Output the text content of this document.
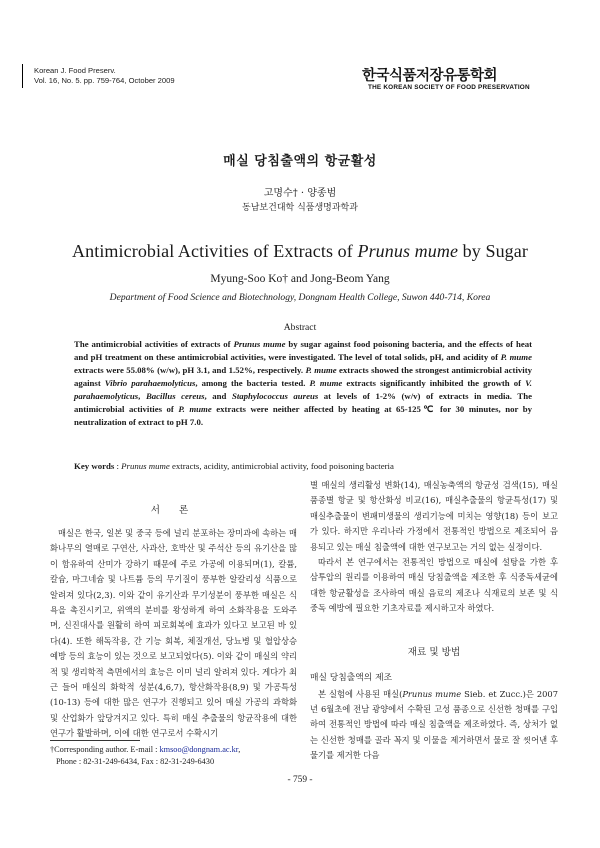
Korean J. Food Preserv.
Vol. 16, No. 5. pp. 759-764, October 2009	한국식품저장유통학회
THE KOREAN SOCIETY OF FOOD PRESERVATION
매실 당침출액의 항균활성
고명수† · 양종범
동남보건대학 식품생명과학과
Antimicrobial Activities of Extracts of Prunus mume by Sugar
Myung-Soo Ko† and Jong-Beom Yang
Department of Food Science and Biotechnology, Dongnam Health College, Suwon 440-714, Korea
Abstract
The antimicrobial activities of extracts of Prunus mume by sugar against food poisoning bacteria, and the effects of heat and pH treatment on these antimicrobial activities, were investigated. The level of total solids, pH, and acidity of P. mume extracts were 55.08% (w/w), pH 3.1, and 1.52%, respectively. P. mume extracts showed the strongest antimicrobial activity against Vibrio parahaemolyticus, among the bacteria tested. P. mume extracts significantly inhibited the growth of V. parahaemolyticus, Bacillus cereus, and Staphylococcus aureus at levels of 1-2% (w/v) of extracts in media. The antimicrobial activities of P. mume extracts were neither affected by heating at 65-125℃ for 30 minutes, nor by neutralization of extract to pH 7.0.
Key words : Prunus mume extracts, acidity, antimicrobial activity, food poisoning bacteria
서 론

매실은 한국, 일본 및 중국 등에 널리 분포하는 장미과에 속하는 매화나무의 열매로 구연산, 사과산, 호박산 및 주석산 등의 유기산을 많이 함유하여 산미가 강하기 때문에 주로 가공에 이용되며(1), 칼륨, 칼슘, 마그네슘 및 나트륨 등의 무기질이 풍부한 알칼리성 식품으로 알려져 있다(2,3). 이와 같이 유기산과 무기성분이 풍부한 매실은 식욕을 촉진시키고, 위액의 분비를 왕성하게 하여 소화작용을 도와주며, 신진대사를 원활히 하여 피로회복에 효과가 있다고 보고된 바 있다(4). 또한 해독작용, 간 기능 회복, 체질개선, 당뇨병 및 혈압상승 예방 등의 효능이 있는 것으로 보고되었다(5). 이와 같이 매실의 약리적 및 생리학적 측면에서의 효능은 이미 널리 알려져 있다. 게다가 최근 들어 매실의 화학적 성분(4,6,7), 항산화작용(8,9) 및 가공특성(10-13) 등에 대한 많은 연구가 진행되고 있어 매실 가공의 과학화 및 산업화가 앞당겨지고 있다. 특히 매실 추출물의 항균작용에 대한 연구가 활발하며, 이에 대한 연구로서 수확시기

별 매실의 생리활성 변화(14), 매실농축액의 항균성 검색(15), 매실 품종별 항균 및 항산화성 비교(16), 매실추출물의 항균특성(17) 및 매실추출물이 변패미생물의 생리기능에 미치는 영향(18) 등이 보고가 있다. 하지만 우리나라 가정에서 전통적인 방법으로 제조되어 음용되고 있는 매실 침출액에 대한 연구보고는 거의 없는 실정이다.

따라서 본 연구에서는 전통적인 방법으로 매실에 설탕을 가한 후 삼투압의 원리를 이용하여 매실 당침출액을 제조한 후 식중독세균에 대한 항균활성을 조사하여 매실 음료의 제조나 식재료의 보존 및 식중독 예방에 필요한 기초자료를 제시하고자 하였다.

재료 및 방법
매실 당침출액의 제조

본 실험에 사용된 매실(Prunus mume Sieb. et Zucc.)은 2007년 6월초에 전남 광양에서 수확된 고성 품종으로 신선한 청매를 구입하여 전통적인 방법에 따라 매실 침출액을 제조하였다. 즉, 상처가 없는 신선한 청매를 골라 꼭지 및 이물을 제거하면서 물로 잘 씻어낸 후 물기를 제거한 다음

†Corresponding author. E-mail : kmsoo@dongnam.ac.kr,
Phone : 82-31-249-6434, Fax : 82-31-249-6430
- 759 -
